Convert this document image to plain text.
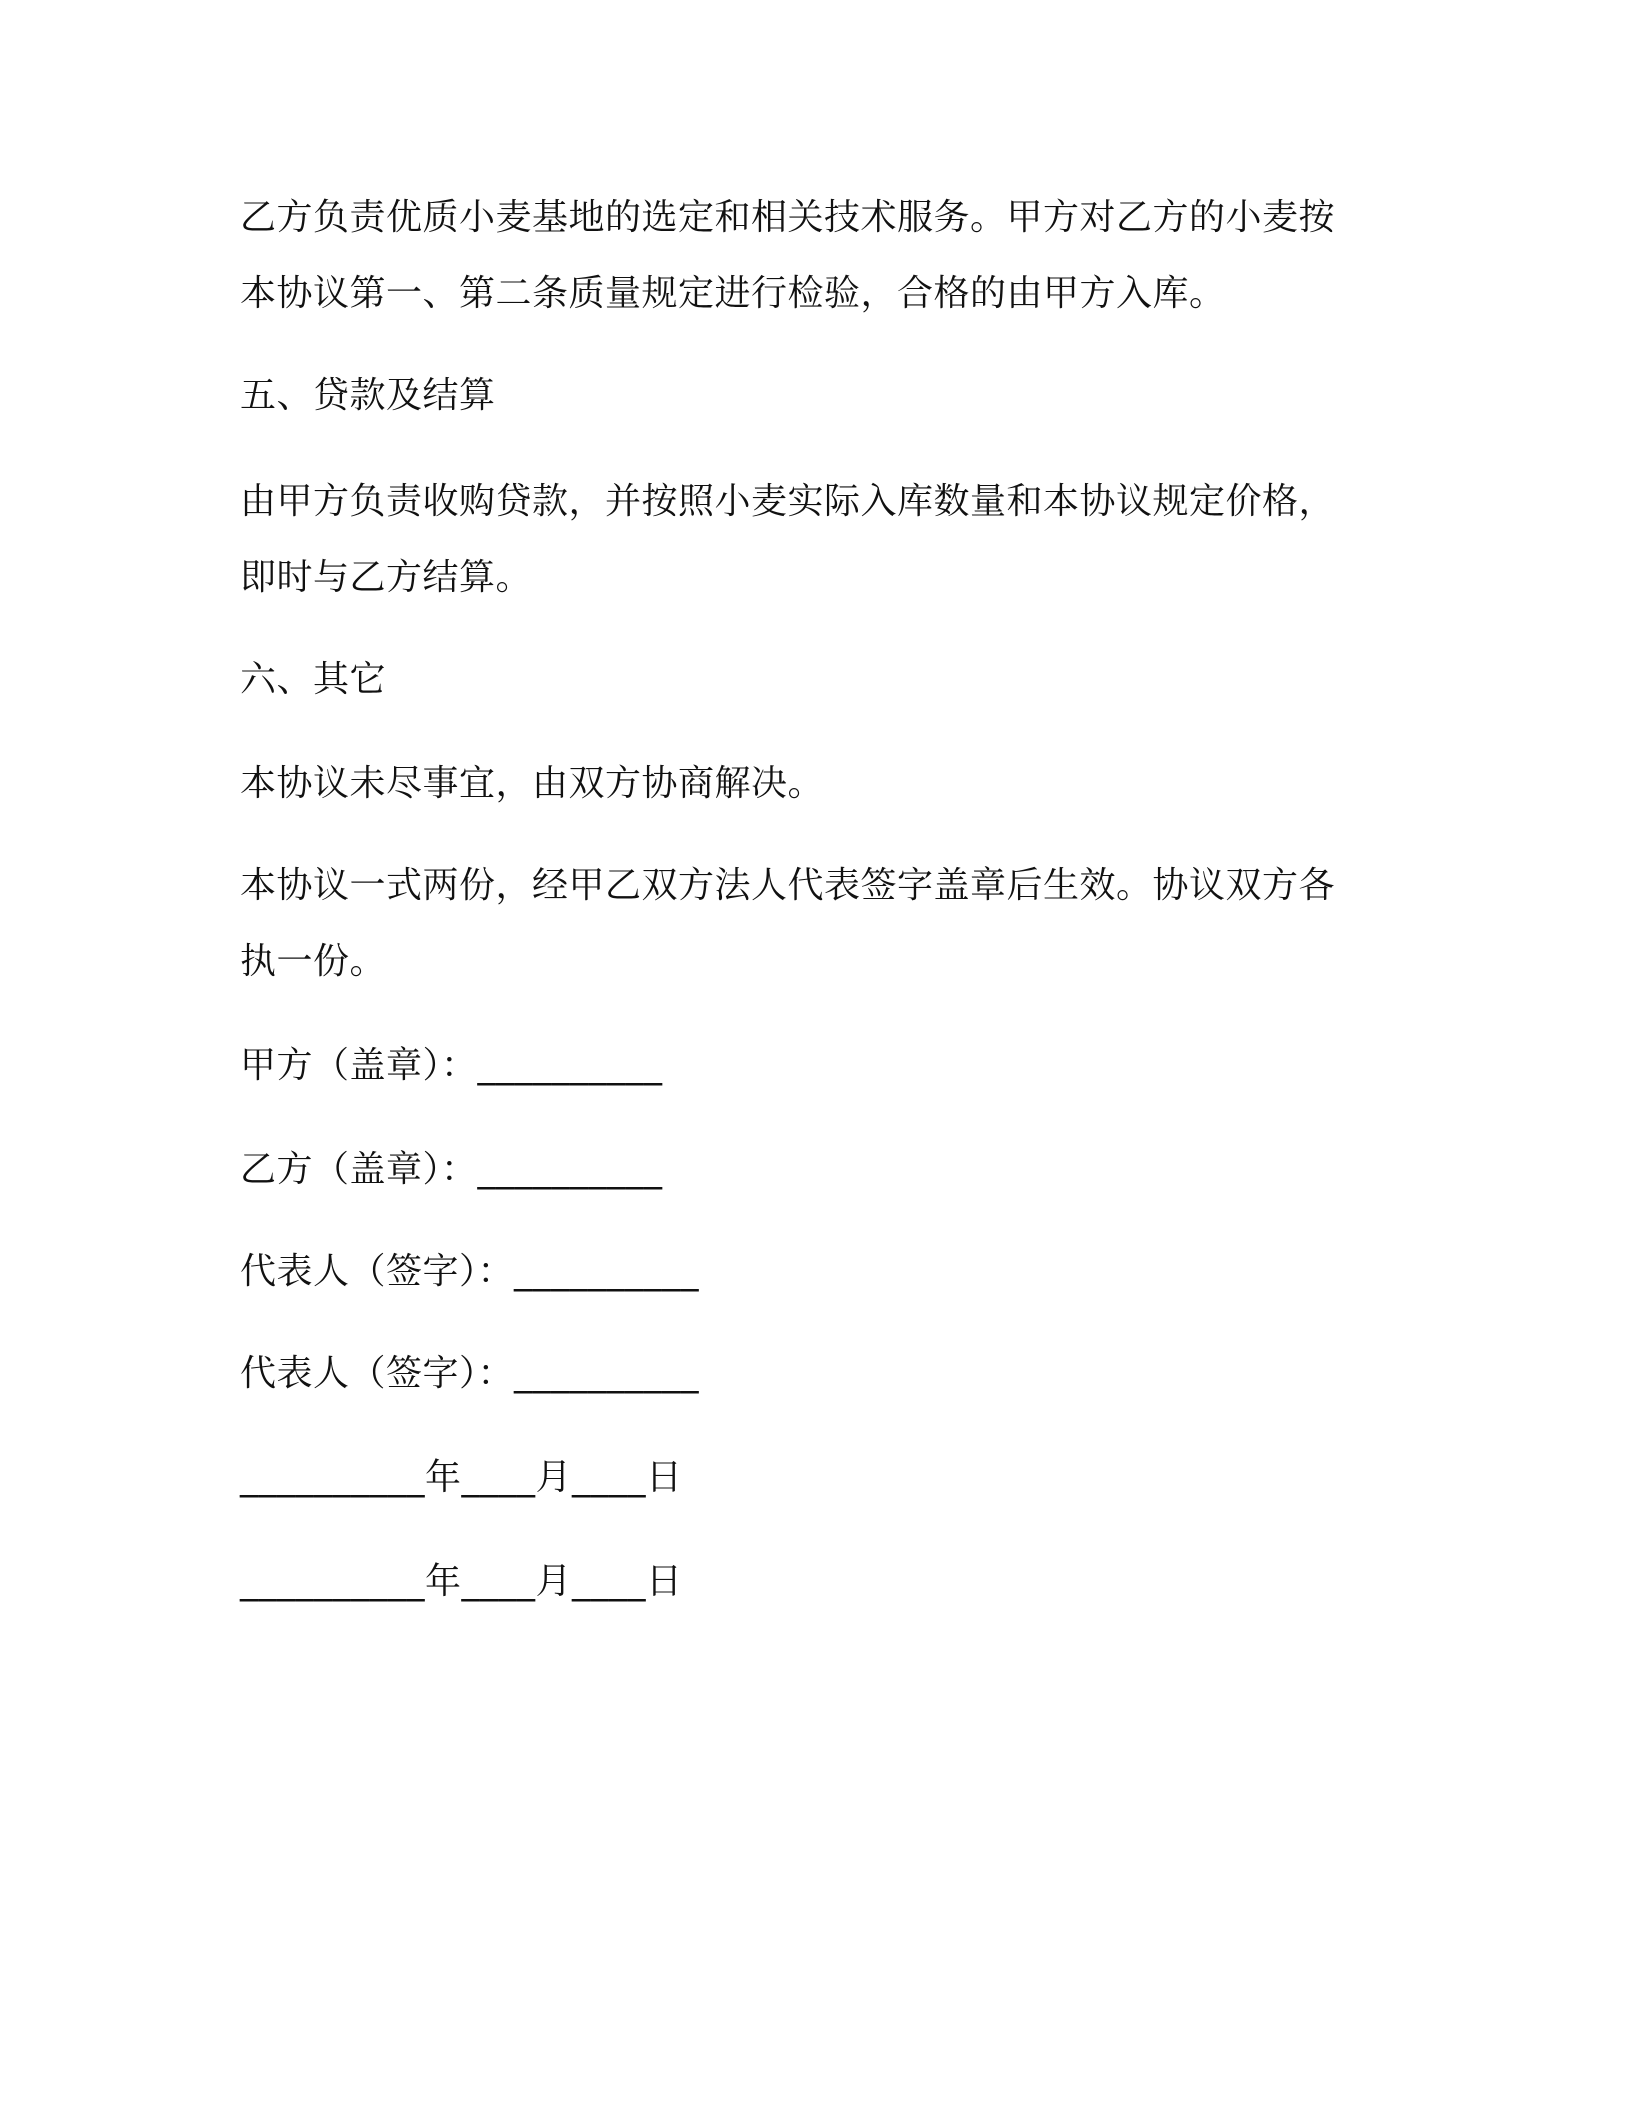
乙方负责优质小麦基地的选定和相关技术服务。甲方对乙方的小麦按
本协议第一、第二条质量规定进行检验，合格的由甲方入库。
五、贷款及结算
由甲方负责收购贷款，并按照小麦实际入库数量和本协议规定价格，
即时与乙方结算。
六、其它
本协议未尽事宜，由双方协商解决。
本协议一式两份，经甲乙双方法人代表签字盖章后生效。协议双方各
执一份。
甲方（盖章）：__________
乙方（盖章）：__________
代表人（签字）：__________
代表人（签字）：__________
__________年____月____日
__________年____月____日
